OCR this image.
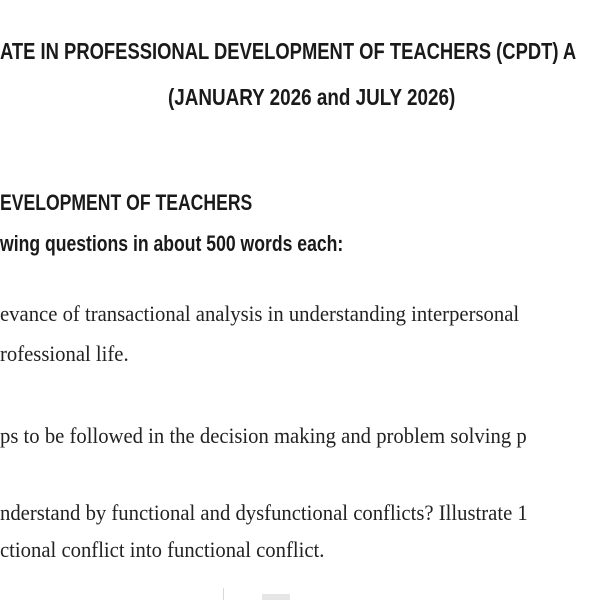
ATE IN PROFESSIONAL DEVELOPMENT OF TEACHERS (CPDT) A
(JANUARY 2026 and JULY 2026)
EVELOPMENT OF TEACHERS
wing questions in about 500 words each:
evance of transactional analysis in understanding interpersonal
rofessional life.
ps to be followed in the decision making and problem solving p
nderstand by functional and dysfunctional conflicts? Illustrate 1
ctional conflict into functional conflict.
